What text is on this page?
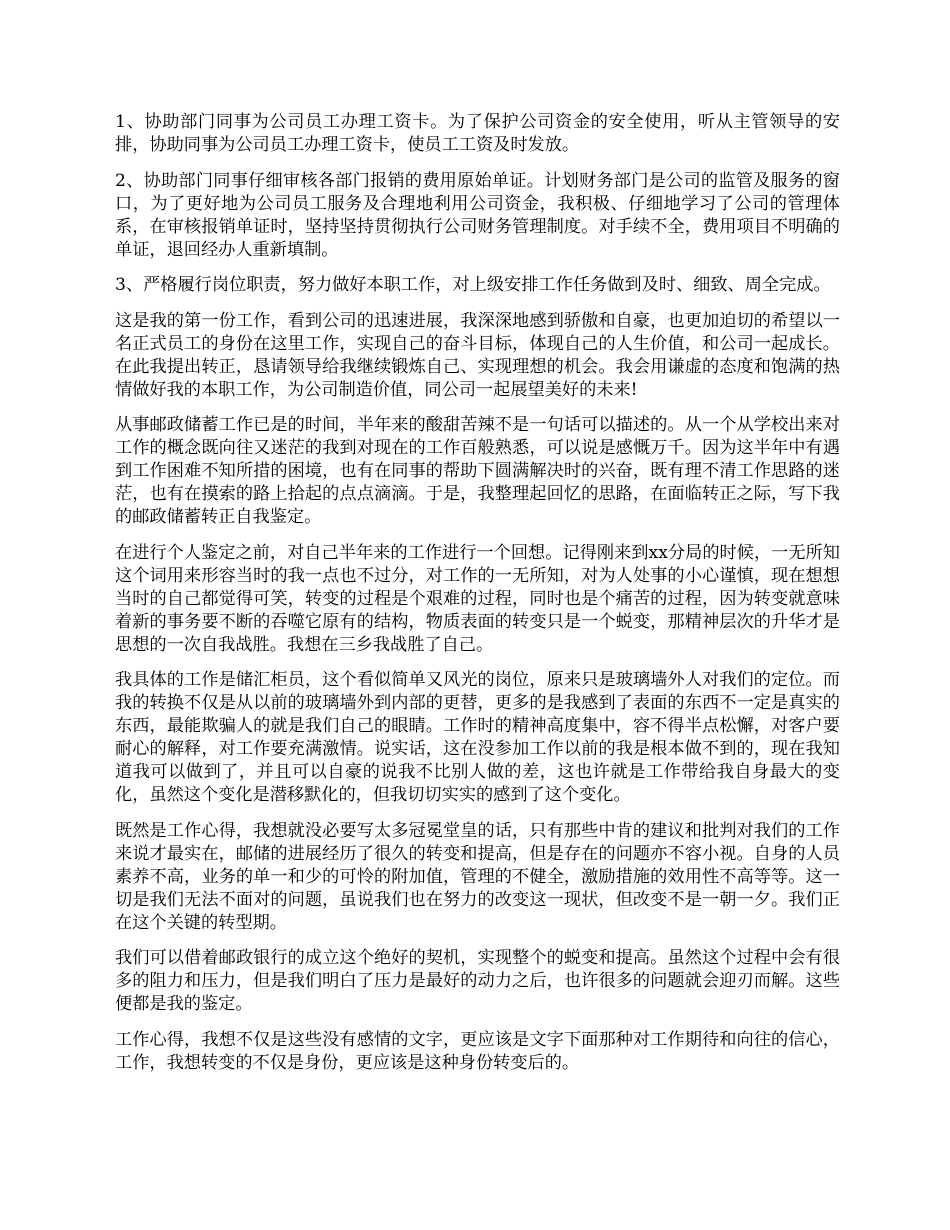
1、协助部门同事为公司员工办理工资卡。为了保护公司资金的安全使用，听从主管领导的安排，协助同事为公司员工办理工资卡，使员工工资及时发放。

2、协助部门同事仔细审核各部门报销的费用原始单证。计划财务部门是公司的监管及服务的窗口，为了更好地为公司员工服务及合理地利用公司资金，我积极、仔细地学习了公司的管理体系，在审核报销单证时，坚持坚持贯彻执行公司财务管理制度。对手续不全，费用项目不明确的单证，退回经办人重新填制。

3、严格履行岗位职责，努力做好本职工作，对上级安排工作任务做到及时、细致、周全完成。

这是我的第一份工作，看到公司的迅速进展，我深深地感到骄傲和自豪，也更加迫切的希望以一名正式员工的身份在这里工作，实现自己的奋斗目标，体现自己的人生价值，和公司一起成长。在此我提出转正，恳请领导给我继续锻炼自己、实现理想的机会。我会用谦虚的态度和饱满的热情做好我的本职工作，为公司制造价值，同公司一起展望美好的未来!

从事邮政储蓄工作已是的时间，半年来的酸甜苦辣不是一句话可以描述的。从一个从学校出来对工作的概念既向往又迷茫的我到对现在的工作百般熟悉，可以说是感慨万千。因为这半年中有遇到工作困难不知所措的困境，也有在同事的帮助下圆满解决时的兴奋，既有理不清工作思路的迷茫，也有在摸索的路上拾起的点点滴滴。于是，我整理起回忆的思路，在面临转正之际，写下我的邮政储蓄转正自我鉴定。

在进行个人鉴定之前，对自己半年来的工作进行一个回想。记得刚来到xx分局的时候，一无所知这个词用来形容当时的我一点也不过分，对工作的一无所知，对为人处事的小心谨慎，现在想想当时的自己都觉得可笑，转变的过程是个艰难的过程，同时也是个痛苦的过程，因为转变就意味着新的事务要不断的吞噬它原有的结构，物质表面的转变只是一个蜕变，那精神层次的升华才是思想的一次自我战胜。我想在三乡我战胜了自己。

我具体的工作是储汇柜员，这个看似简单又风光的岗位，原来只是玻璃墙外人对我们的定位。而我的转换不仅是从以前的玻璃墙外到内部的更替，更多的是我感到了表面的东西不一定是真实的东西，最能欺骗人的就是我们自己的眼睛。工作时的精神高度集中，容不得半点松懈，对客户要耐心的解释，对工作要充满激情。说实话，这在没参加工作以前的我是根本做不到的，现在我知道我可以做到了，并且可以自豪的说我不比别人做的差，这也许就是工作带给我自身最大的变化，虽然这个变化是潜移默化的，但我切切实实的感到了这个变化。

既然是工作心得，我想就没必要写太多冠冕堂皇的话，只有那些中肯的建议和批判对我们的工作来说才最实在，邮储的进展经历了很久的转变和提高，但是存在的问题亦不容小视。自身的人员素养不高，业务的单一和少的可怜的附加值，管理的不健全，激励措施的效用性不高等等。这一切是我们无法不面对的问题，虽说我们也在努力的改变这一现状，但改变不是一朝一夕。我们正在这个关键的转型期。

我们可以借着邮政银行的成立这个绝好的契机，实现整个的蜕变和提高。虽然这个过程中会有很多的阻力和压力，但是我们明白了压力是最好的动力之后，也许很多的问题就会迎刃而解。这些便都是我的鉴定。

工作心得，我想不仅是这些没有感情的文字，更应该是文字下面那种对工作期待和向往的信心，工作，我想转变的不仅是身份，更应该是这种身份转变后的。
